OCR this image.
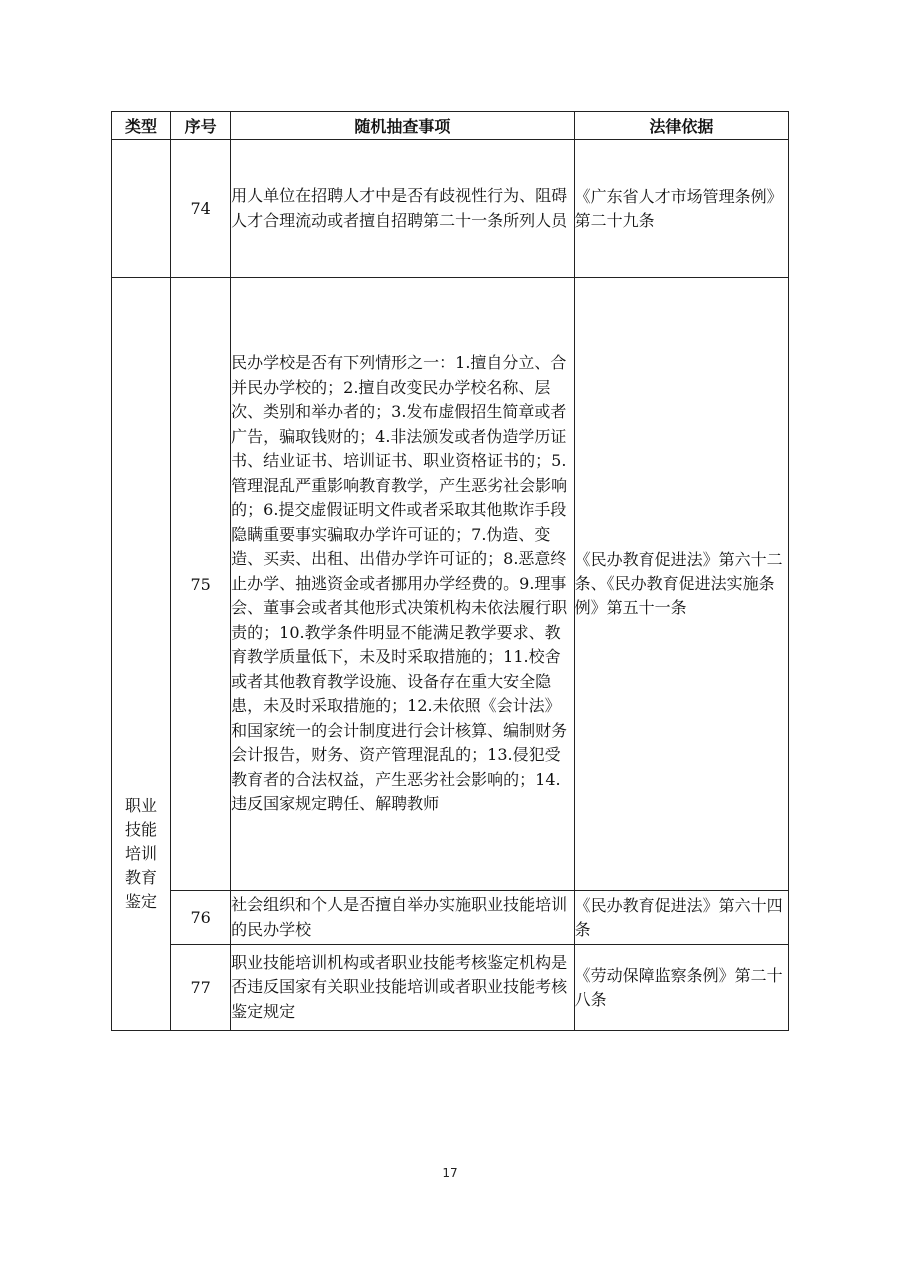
类型	序号	随机抽查事项	法律依据
	74	用人单位在招聘人才中是否有歧视性行为、阻碍人才合理流动或者擅自招聘第二十一条所列人员	《广东省人才市场管理条例》第二十九条
职业技能培训教育鉴定	75	民办学校是否有下列情形之一：1.擅自分立、合并民办学校的；2.擅自改变民办学校名称、层次、类别和举办者的；3.发布虚假招生简章或者广告，骗取钱财的；4.非法颁发或者伪造学历证书、结业证书、培训证书、职业资格证书的；5.管理混乱严重影响教育教学，产生恶劣社会影响的；6.提交虚假证明文件或者采取其他欺诈手段隐瞒重要事实骗取办学许可证的；7.伪造、变造、买卖、出租、出借办学许可证的；8.恶意终止办学、抽逃资金或者挪用办学经费的。9.理事会、董事会或者其他形式决策机构未依法履行职责的；10.教学条件明显不能满足教学要求、教育教学质量低下，未及时采取措施的；11.校舍或者其他教育教学设施、设备存在重大安全隐患，未及时采取措施的；12.未依照《会计法》和国家统一的会计制度进行会计核算、编制财务会计报告，财务、资产管理混乱的；13.侵犯受教育者的合法权益，产生恶劣社会影响的；14.违反国家规定聘任、解聘教师	《民办教育促进法》第六十二条、《民办教育促进法实施条例》第五十一条
	76	社会组织和个人是否擅自举办实施职业技能培训的民办学校	《民办教育促进法》第六十四条
	77	职业技能培训机构或者职业技能考核鉴定机构是否违反国家有关职业技能培训或者职业技能考核鉴定规定	《劳动保障监察条例》第二十八条
17
